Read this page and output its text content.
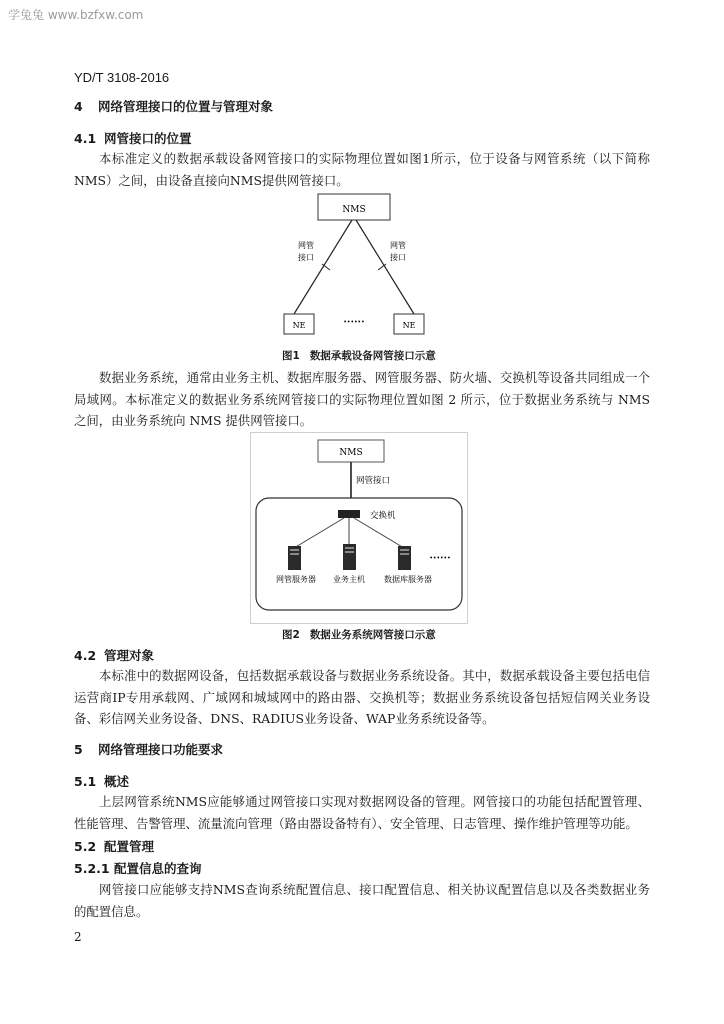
学兔兔 www.bzfxw.com
YD/T 3108-2016
4 网络管理接口的位置与管理对象
4.1 网管接口的位置
本标准定义的数据承载设备网管接口的实际物理位置如图1所示，位于设备与网管系统（以下简称NMS）之间，由设备直接向NMS提供网管接口。
NMS
网管
接口
网管
接口
NE	NE
••••••
图1 数据承载设备网管接口示意
数据业务系统，通常由业务主机、数据库服务器、网管服务器、防火墙、交换机等设备共同组成一个局域网。本标准定义的数据业务系统网管接口的实际物理位置如图 2 所示，位于数据业务系统与 NMS 之间，由业务系统向 NMS 提供网管接口。
NMS
网管接口
交换机
••••••
网管服务器 业务主机 数据库服务器
图2 数据业务系统网管接口示意
4.2 管理对象
本标准中的数据网设备，包括数据承载设备与数据业务系统设备。其中，数据承载设备主要包括电信运营商IP专用承载网、广域网和城域网中的路由器、交换机等；数据业务系统设备包括短信网关业务设备、彩信网关业务设备、DNS、RADIUS业务设备、WAP业务系统设备等。
5 网络管理接口功能要求
5.1 概述
上层网管系统NMS应能够通过网管接口实现对数据网设备的管理。网管接口的功能包括配置管理、性能管理、告警管理、流量流向管理（路由器设备特有）、安全管理、日志管理、操作维护管理等功能。
5.2 配置管理
5.2.1 配置信息的查询
网管接口应能够支持NMS查询系统配置信息、接口配置信息、相关协议配置信息以及各类数据业务的配置信息。
2
